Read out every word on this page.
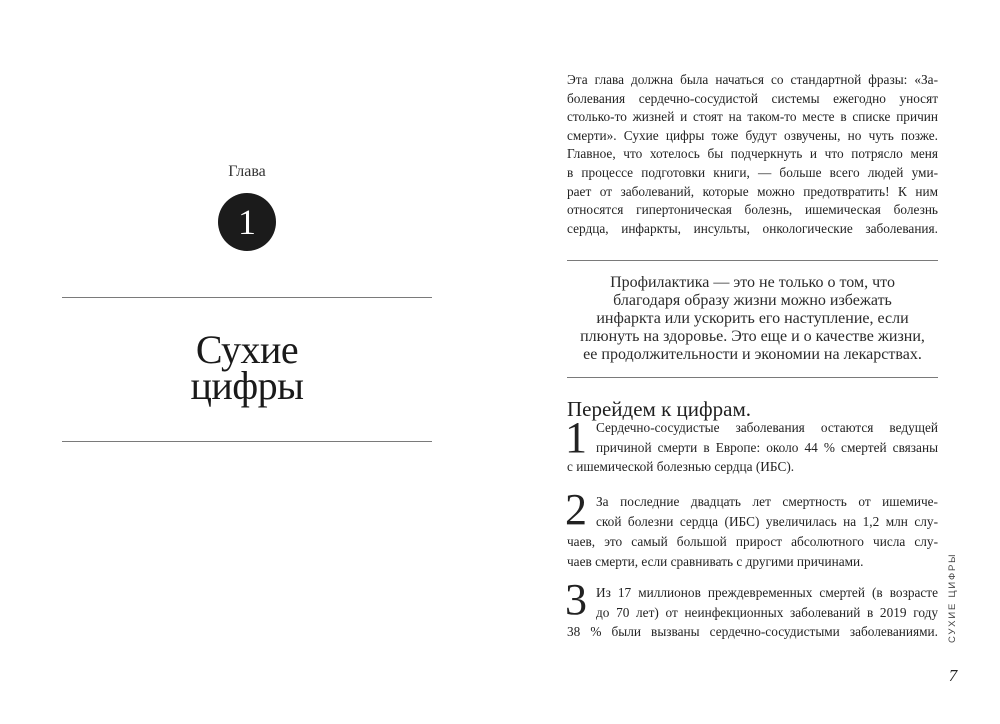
Глава
1
Сухие
цифры
Эта глава должна была начаться со стандартной фразы: «За-
болевания сердечно-сосудистой системы ежегодно уносят
столько-то жизней и стоят на таком-то месте в списке причин
смерти». Сухие цифры тоже будут озвучены, но чуть позже.
Главное, что хотелось бы подчеркнуть и что потрясло меня
в процессе подготовки книги, — больше всего людей уми-
рает от заболеваний, которые можно предотвратить! К ним
относятся гипертоническая болезнь, ишемическая болезнь
сердца, инфаркты, инсульты, онкологические заболевания.
Профилактика — это не только о том, что
благодаря образу жизни можно избежать
инфаркта или ускорить его наступление, если
плюнуть на здоровье. Это еще и о качестве жизни,
ее продолжительности и экономии на лекарствах.
Перейдем к цифрам.
1 Сердечно-сосудистые заболевания остаются ведущей
причиной смерти в Европе: около 44 % смертей связаны
с ишемической болезнью сердца (ИБС).
2 За последние двадцать лет смертность от ишемиче-
ской болезни сердца (ИБС) увеличилась на 1,2 млн слу-
чаев, это самый большой прирост абсолютного числа слу-
чаев смерти, если сравнивать с другими причинами.
3 Из 17 миллионов преждевременных смертей (в возрасте
до 70 лет) от неинфекционных заболеваний в 2019 году
38 % были вызваны сердечно-сосудистыми заболеваниями. СУХИЕ ЦИФРЫ
7
